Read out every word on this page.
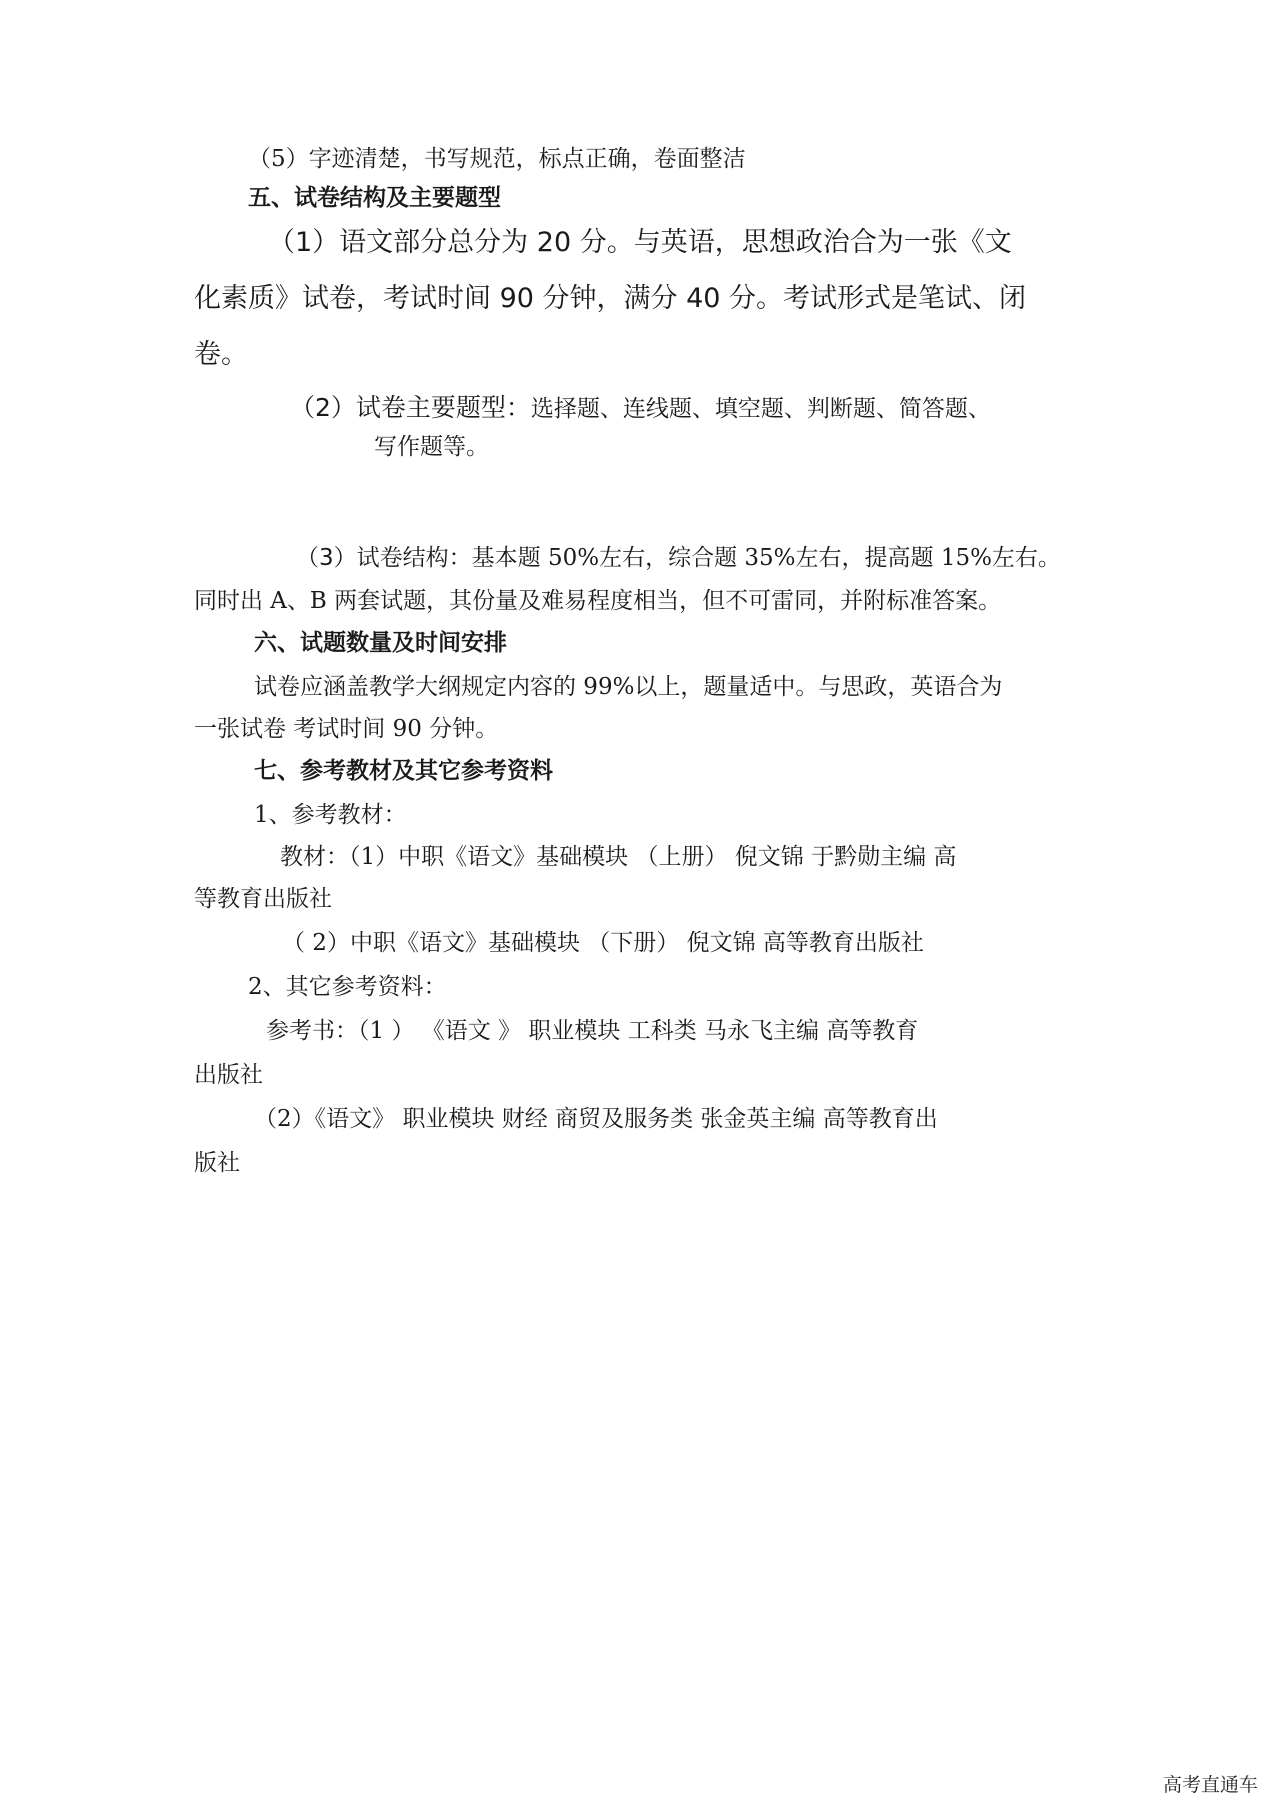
（5）字迹清楚，书写规范，标点正确，卷面整洁
五、试卷结构及主要题型
（1）语文部分总分为 20 分。与英语，思想政治合为一张《文
化素质》试卷，考试时间 90 分钟，满分 40 分。考试形式是笔试、闭
卷。
（2）试卷主要题型：选择题、连线题、填空题、判断题、简答题、
写作题等。
（3）试卷结构：基本题 50%左右，综合题 35%左右，提高题 15%左右。
同时出 A、B 两套试题，其份量及难易程度相当，但不可雷同，并附标准答案。
六、试题数量及时间安排
试卷应涵盖教学大纲规定内容的 99%以上，题量适中。与思政，英语合为
一张试卷 考试时间 90 分钟。
七、参考教材及其它参考资料
1、参考教材：
教材：（1）中职《语文》基础模块 （上册） 倪文锦 于黔勋主编 高
等教育出版社
（ 2）中职《语文》基础模块 （下册） 倪文锦 高等教育出版社
2、其它参考资料：
参考书：（1 ） 《语文 》 职业模块 工科类 马永飞主编 高等教育
出版社
（2）《语文》 职业模块 财经 商贸及服务类 张金英主编 高等教育出
版社
高考直通车
